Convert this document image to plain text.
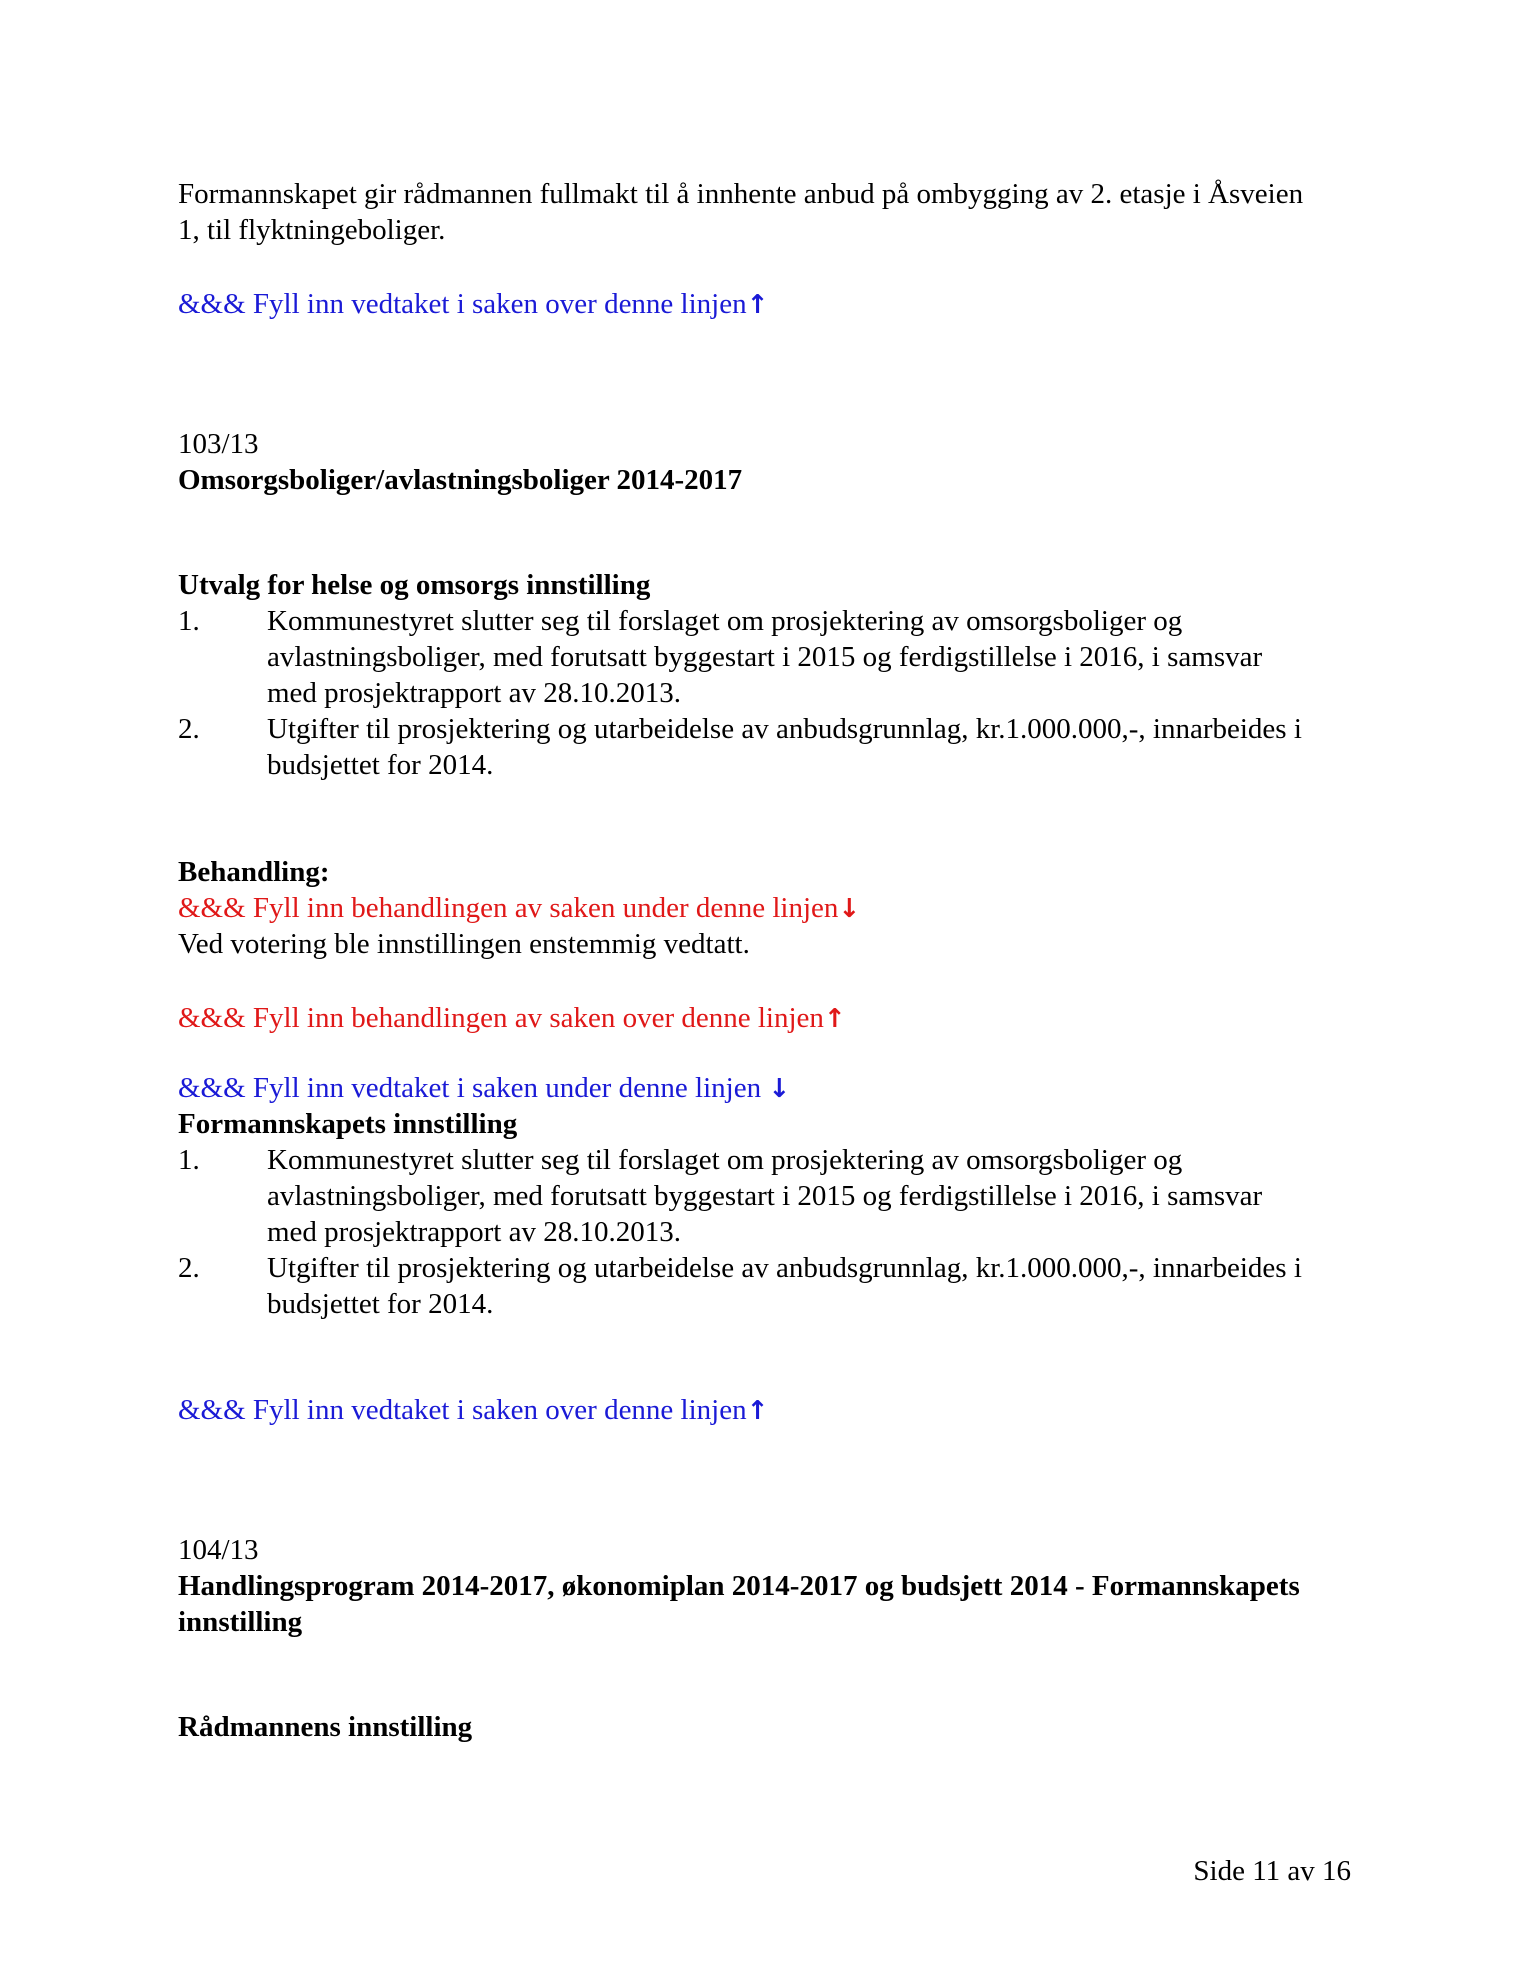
Formannskapet gir rådmannen fullmakt til å innhente anbud på ombygging av 2. etasje i Åsveien
1, til flyktningeboliger.
&&& Fyll inn vedtaket i saken over denne linjen↑
103/13
Omsorgsboliger/avlastningsboliger 2014-2017
Utvalg for helse og omsorgs innstilling
1.	Kommunestyret slutter seg til forslaget om prosjektering av omsorgsboliger og
avlastningsboliger, med forutsatt byggestart i 2015 og ferdigstillelse i 2016, i samsvar
med prosjektrapport av 28.10.2013.
2.	Utgifter til prosjektering og utarbeidelse av anbudsgrunnlag, kr.1.000.000,-, innarbeides i
budsjettet for 2014.
Behandling:
&&& Fyll inn behandlingen av saken under denne linjen↓
Ved votering ble innstillingen enstemmig vedtatt.
&&& Fyll inn behandlingen av saken over denne linjen↑
&&& Fyll inn vedtaket i saken under denne linjen ↓
Formannskapets innstilling
1.	Kommunestyret slutter seg til forslaget om prosjektering av omsorgsboliger og
avlastningsboliger, med forutsatt byggestart i 2015 og ferdigstillelse i 2016, i samsvar
med prosjektrapport av 28.10.2013.
2.	Utgifter til prosjektering og utarbeidelse av anbudsgrunnlag, kr.1.000.000,-, innarbeides i
budsjettet for 2014.
&&& Fyll inn vedtaket i saken over denne linjen↑
104/13
Handlingsprogram 2014-2017, økonomiplan 2014-2017 og budsjett 2014 - Formannskapets
innstilling
Rådmannens innstilling
Side 11 av 16
